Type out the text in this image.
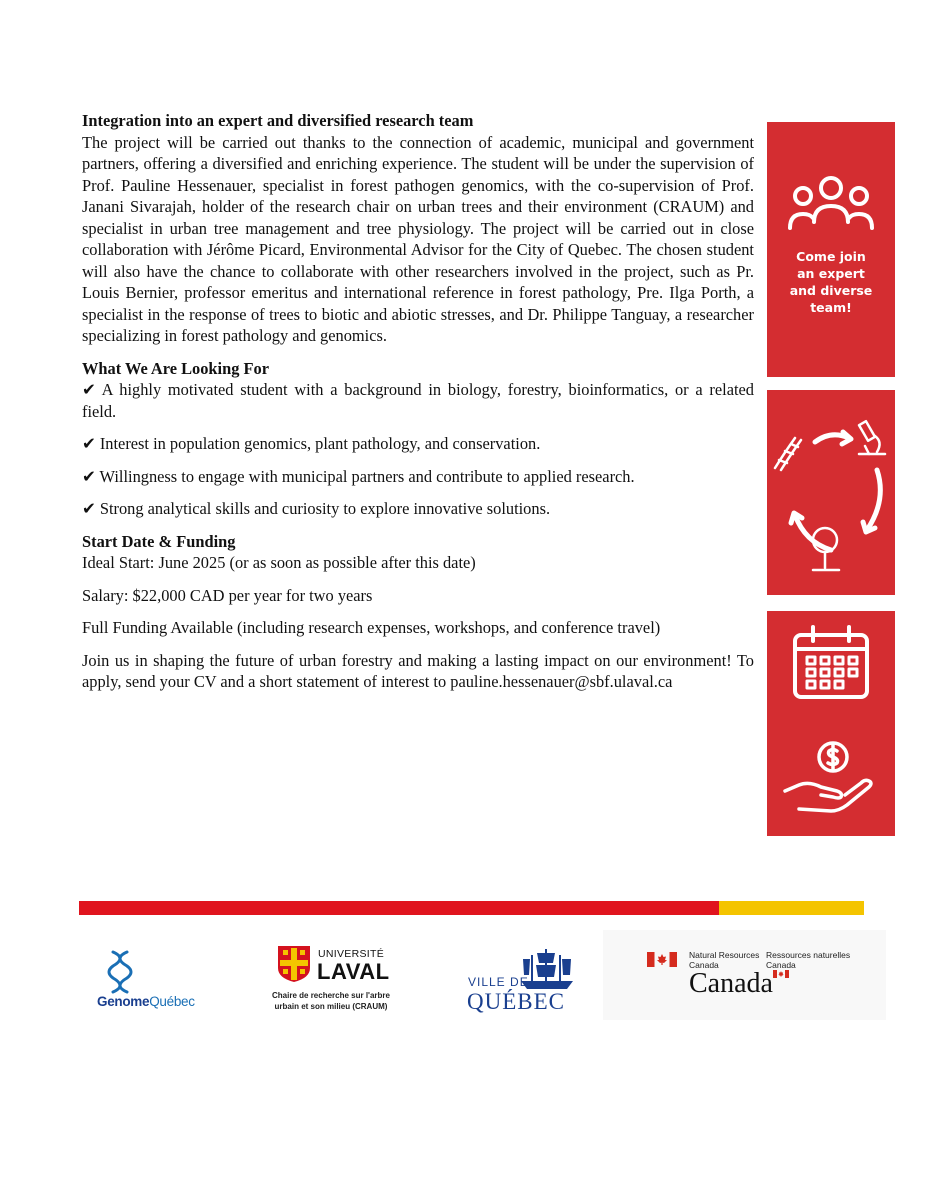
Integration into an expert and diversified research team

The project will be carried out thanks to the connection of academic, municipal and government partners, offering a diversified and enriching experience. The student will be under the supervision of Prof. Pauline Hessenauer, specialist in forest pathogen genomics, with the co-supervision of Prof. Janani Sivarajah, holder of the research chair on urban trees and their environment (CRAUM) and specialist in urban tree management and tree physiology. The project will be carried out in close collaboration with Jérôme Picard, Environmental Advisor for the City of Quebec. The chosen student will also have the chance to collaborate with other researchers involved in the project, such as Pr. Louis Bernier, professor emeritus and international reference in forest pathology, Pre. Ilga Porth, a specialist in the response of trees to biotic and abiotic stresses, and Dr. Philippe Tanguay, a researcher specializing in forest pathology and genomics.

What We Are Looking For

✔ A highly motivated student with a background in biology, forestry, bioinformatics, or a related field.

✔ Interest in population genomics, plant pathology, and conservation.

✔ Willingness to engage with municipal partners and contribute to applied research.

✔ Strong analytical skills and curiosity to explore innovative solutions.

Start Date & Funding

Ideal Start: June 2025 (or as soon as possible after this date)

Salary: $22,000 CAD per year for two years

Full Funding Available (including research expenses, workshops, and conference travel)

Join us in shaping the future of urban forestry and making a lasting impact on our environment! To apply, send your CV and a short statement of interest to pauline.hessenauer@sbf.ulaval.ca

Come join
an expert
and diverse
team!
GenomeQuébec
UNIVERSITÉ
LAVAL
Chaire de recherche sur l'arbre
urbain et son milieu (CRAUM)
VILLE DE
QUÉBEC
Natural Resources
Canada
Ressources naturelles
Canada
Canada
